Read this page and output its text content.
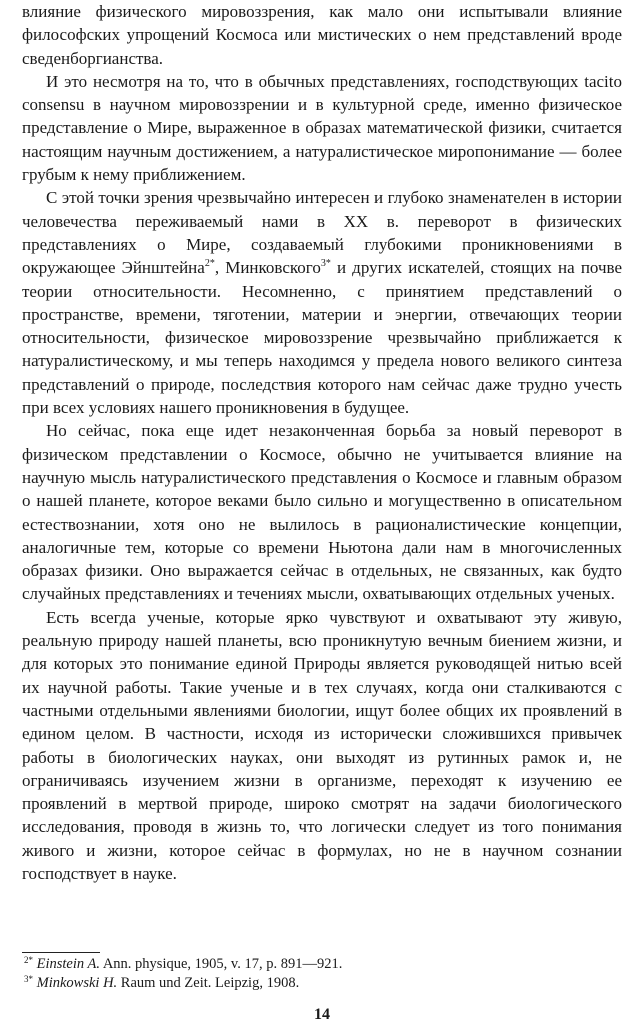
влияние физического мировоззрения, как мало они испытывали влияние философских упрощений Космоса или мистических о нем представлений вроде сведенборгианства.

И это несмотря на то, что в обычных представлениях, господствующих tacito consensu в научном мировоззрении и в культурной среде, именно физическое представление о Мире, выраженное в образах математической физики, считается настоящим научным достижением, а натуралистическое миропонимание — более грубым к нему приближением.

С этой точки зрения чрезвычайно интересен и глубоко знаменателен в истории человечества переживаемый нами в XX в. переворот в физических представлениях о Мире, создаваемый глубокими проникновениями в окружающее Эйнштейна$^{2*}$, Минковского$^{3*}$ и других искателей, стоящих на почве теории относительности. Несомненно, с принятием представлений о пространстве, времени, тяготении, материи и энергии, отвечающих теории относительности, физическое мировоззрение чрезвычайно приближается к натуралистическому, и мы теперь находимся у предела нового великого синтеза представлений о природе, последствия которого нам сейчас даже трудно учесть при всех условиях нашего проникновения в будущее.

Но сейчас, пока еще идет незаконченная борьба за новый переворот в физическом представлении о Космосе, обычно не учитывается влияние на научную мысль натуралистического представления о Космосе и главным образом о нашей планете, которое веками было сильно и могущественно в описательном естествознании, хотя оно не вылилось в рационалистические концепции, аналогичные тем, которые со времени Ньютона дали нам в многочисленных образах физики. Оно выражается сейчас в отдельных, не связанных, как будто случайных представлениях и течениях мысли, охватывающих отдельных ученых.

Есть всегда ученые, которые ярко чувствуют и охватывают эту живую, реальную природу нашей планеты, всю проникнутую вечным биением жизни, и для которых это понимание единой Природы является руководящей нитью всей их научной работы. Такие ученые и в тех случаях, когда они сталкиваются с частными отдельными явлениями биологии, ищут более общих их проявлений в едином целом. В частности, исходя из исторически сложившихся привычек работы в биологических науках, они выходят из рутинных рамок и, не ограничиваясь изучением жизни в организме, переходят к изучению ее проявлений в мертвой природе, широко смотрят на задачи биологического исследования, проводя в жизнь то, что логически следует из того понимания живого и жизни, которое сейчас в формулах, но не в научном сознании господствует в науке.

$^{2*}$ Einstein A. Ann. physique, 1905, v. 17, p. 891—921.

$^{3*}$ Minkowski H. Raum und Zeit. Leipzig, 1908.

14
